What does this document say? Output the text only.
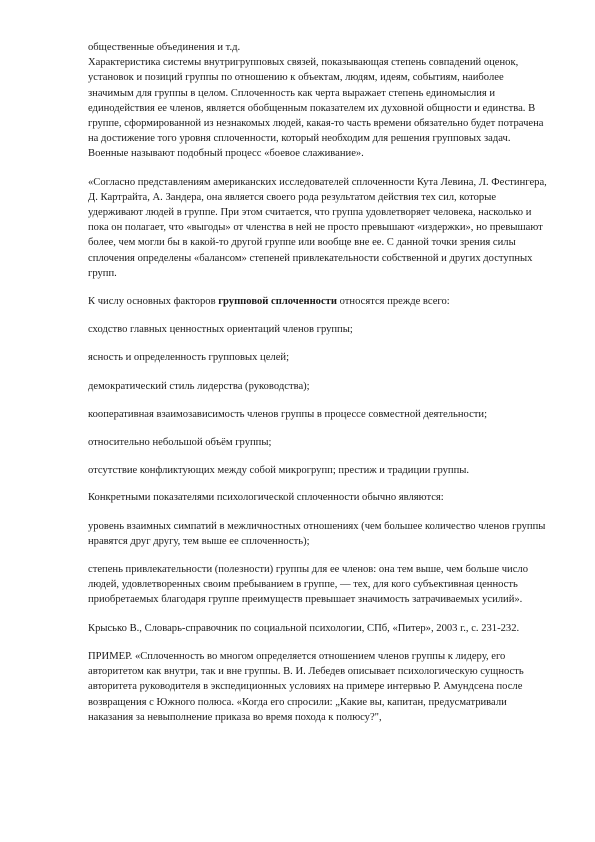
общественные объединения и т.д.

Характеристика системы внутригрупповых связей, показывающая степень совпадений оценок, установок и позиций группы по отношению к объектам, людям, идеям, событиям, наиболее значимым для группы в целом. Сплоченность как черта выражает степень единомыслия и единодействия ее членов, является обобщенным показателем их духовной общности и единства. В группе, сформированной из незнакомых людей, какая-то часть времени обязательно будет потрачена на достижение того уровня сплоченности, который необходим для решения групповых задач. Военные называют подобный процесс «боевое слаживание».

«Согласно представлениям американских исследователей сплоченности Кута Левина, Л. Фестингера, Д. Картрайта, А. Зандера, она является своего рода результатом действия тех сил, которые удерживают людей в группе. При этом считается, что группа удовлетворяет человека, насколько и пока он полагает, что «выгоды» от членства в ней не просто превышают «издержки», но превышают более, чем могли бы в какой-то другой группе или вообще вне ее. С данной точки зрения силы сплочения определены «балансом» степеней привлекательности собственной и других доступных групп.

К числу основных факторов групповой сплоченности относятся прежде всего:

сходство главных ценностных ориентаций членов группы;

ясность и определенность групповых целей;

демократический стиль лидерства (руководства);

кооперативная взаимозависимость членов группы в процессе совместной деятельности;

относительно небольшой объём группы;

отсутствие конфликтующих между собой микрогрупп; престиж и традиции группы.

Конкретными показателями психологической сплоченности обычно являются:

уровень взаимных симпатий в межличностных отношениях (чем большее количество членов группы нравятся друг другу, тем выше ее сплоченность);

степень привлекательности (полезности) группы для ее членов: она тем выше, чем больше число людей, удовлетворенных своим пребыванием в группе, — тех, для кого субъективная ценность приобретаемых благодаря группе преимуществ превышает значимость затрачиваемых усилий».

Крысько В., Словарь-справочник по социальной психологии, СПб, «Питер», 2003 г., с. 231-232.

ПРИМЕР. «Сплоченность во многом определяется отношением членов группы к лидеру, его авторитетом как внутри, так и вне группы. В. И. Лебедев описывает психологическую сущность авторитета руководителя в экспедиционных условиях на примере интервью Р. Амундсена после возвращения с Южного полюса. «Когда его спросили: „Какие вы, капитан, предусматривали наказания за невыполнение приказа во время похода к полюсу?",
